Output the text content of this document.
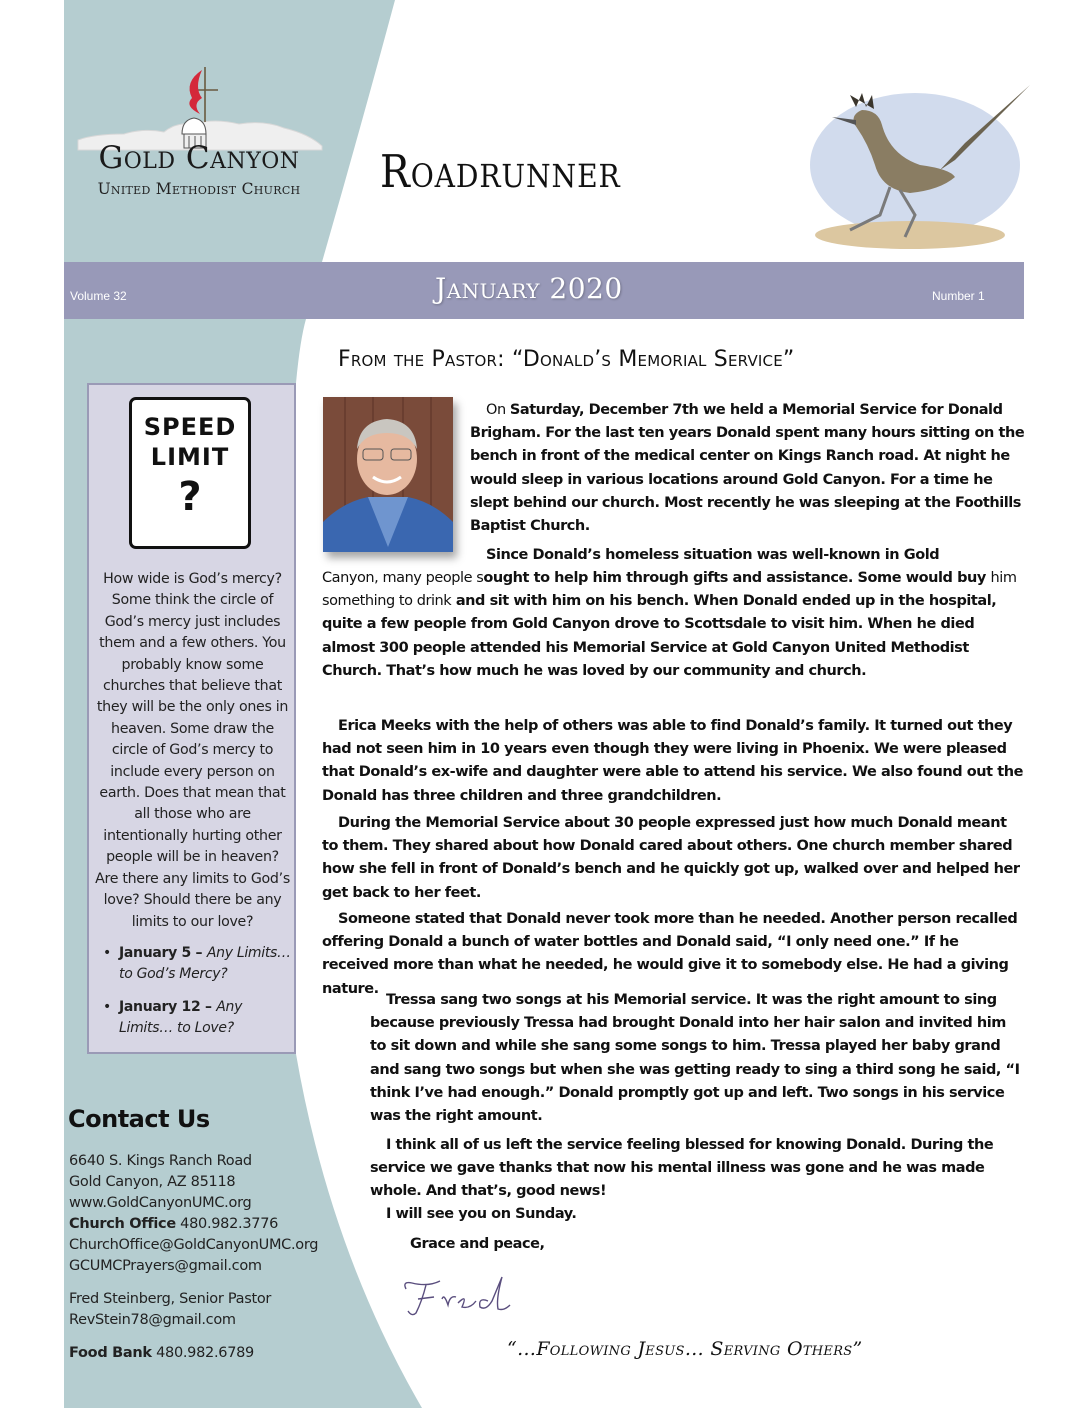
Gold Canyon
United Methodist Church	Roadrunner
Volume 32	January 2020	Number 1
SPEED
LIMIT
?
How wide is God’s mercy? Some think the circle of God’s mercy just includes them and a few others. You probably know some churches that believe that they will be the only ones in heaven. Some draw the circle of God’s mercy to include every person on earth. Does that mean that all those who are intentionally hurting other people will be in heaven? Are there any limits to God’s love? Should there be any limits to our love?
• January 5 – Any Limits…to God’s Mercy?
• January 12 – Any Limits… to Love?
Contact Us
6640 S. Kings Ranch Road
Gold Canyon, AZ 85118
www.GoldCanyonUMC.org
Church Office 480.982.3776
ChurchOffice@GoldCanyonUMC.org
GCUMCPrayers@gmail.com
Fred Steinberg, Senior Pastor
RevStein78@gmail.com
Food Bank 480.982.6789
From the Pastor: “Donald’s Memorial Service”
On Saturday, December 7th we held a Memorial Service for Donald Brigham. For the last ten years Donald spent many hours sitting on the bench in front of the medical center on Kings Ranch road. At night he would sleep in various locations around Gold Canyon. For a time he slept behind our church. Most recently he was sleeping at the Foothills Baptist Church.
Since Donald’s homeless situation was well-known in Gold
Canyon, many people sought to help him through gifts and assistance. Some would buy him something to drink and sit with him on his bench. When Donald ended up in the hospital, quite a few people from Gold Canyon drove to Scottsdale to visit him. When he died almost 300 people attended his Memorial Service at Gold Canyon United Methodist Church. That’s how much he was loved by our community and church.
Erica Meeks with the help of others was able to find Donald’s family. It turned out they had not seen him in 10 years even though they were living in Phoenix. We were pleased that Donald’s ex-wife and daughter were able to attend his service. We also found out the Donald has three children and three grandchildren.
During the Memorial Service about 30 people expressed just how much Donald meant to them. They shared about how Donald cared about others. One church member shared how she fell in front of Donald’s bench and he quickly got up, walked over and helped her get back to her feet.
Someone stated that Donald never took more than he needed. Another person recalled offering Donald a bunch of water bottles and Donald said, “I only need one.” If he received more than what he needed, he would give it to somebody else. He had a giving nature.
Tressa sang two songs at his Memorial service. It was the right amount to sing because previously Tressa had brought Donald into her hair salon and invited him to sit down and while she sang some songs to him. Tressa played her baby grand and sang two songs but when she was getting ready to sing a third song he said, “I think I’ve had enough.” Donald promptly got up and left. Two songs in his service was the right amount.
I think all of us left the service feeling blessed for knowing Donald. During the service we gave thanks that now his mental illness was gone and he was made whole. And that’s, good news!
I will see you on Sunday.
Grace and peace,
“…Following Jesus… Serving Others”
